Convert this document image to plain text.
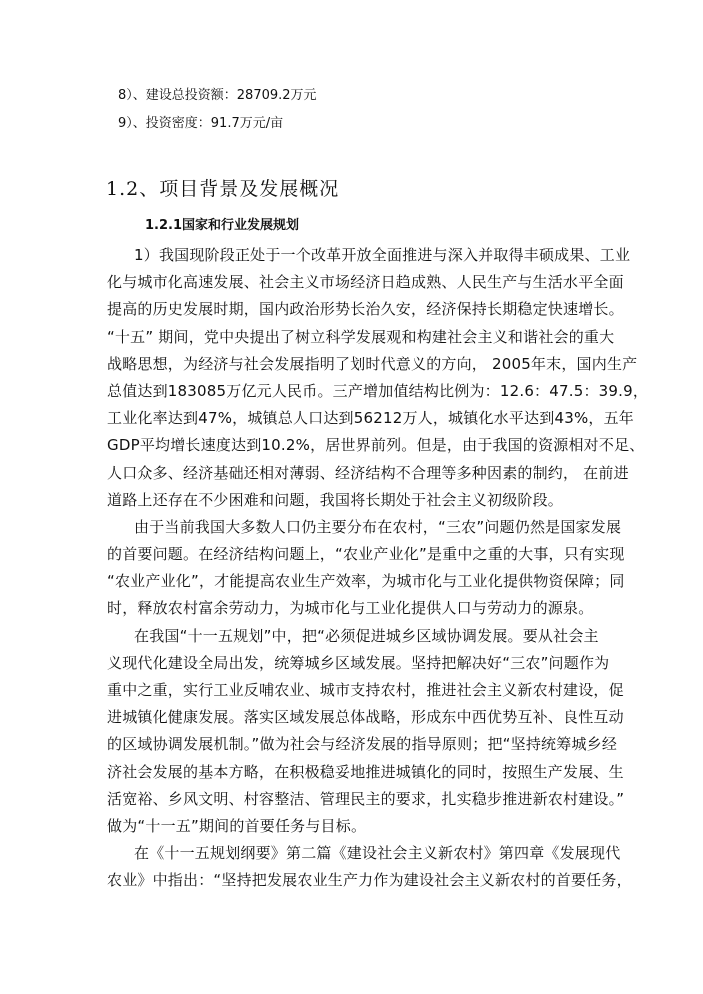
8）、建设总投资额：28709.2万元
9）、投资密度：91.7万元/亩
1.2、项目背景及发展概况
1.2.1国家和行业发展规划
1）我国现阶段正处于一个改革开放全面推进与深入并取得丰硕成果、工业
化与城市化高速发展、社会主义市场经济日趋成熟、人民生产与生活水平全面
提高的历史发展时期，国内政治形势长治久安，经济保持长期稳定快速增长。
“十五” 期间，党中央提出了树立科学发展观和构建社会主义和谐社会的重大
战略思想，为经济与社会发展指明了划时代意义的方向， 2005年末，国内生产
总值达到183085万亿元人民币。三产增加值结构比例为：12.6：47.5：39.9，
工业化率达到47%，城镇总人口达到56212万人，城镇化水平达到43%，五年
GDP平均增长速度达到10.2%，居世界前列。但是，由于我国的资源相对不足、
人口众多、经济基础还相对薄弱、经济结构不合理等多种因素的制约， 在前进
道路上还存在不少困难和问题，我国将长期处于社会主义初级阶段。
由于当前我国大多数人口仍主要分布在农村，“三农”问题仍然是国家发展
的首要问题。在经济结构问题上，“农业产业化”是重中之重的大事，只有实现
“农业产业化”，才能提高农业生产效率，为城市化与工业化提供物资保障；同
时，释放农村富余劳动力，为城市化与工业化提供人口与劳动力的源泉。
在我国“十一五规划”中，把“必须促进城乡区域协调发展。要从社会主
义现代化建设全局出发，统筹城乡区域发展。坚持把解决好“三农”问题作为
重中之重，实行工业反哺农业、城市支持农村，推进社会主义新农村建设，促
进城镇化健康发展。落实区域发展总体战略，形成东中西优势互补、良性互动
的区域协调发展机制。”做为社会与经济发展的指导原则；把“坚持统筹城乡经
济社会发展的基本方略，在积极稳妥地推进城镇化的同时，按照生产发展、生
活宽裕、乡风文明、村容整洁、管理民主的要求，扎实稳步推进新农村建设。”
做为“十一五”期间的首要任务与目标。
在《十一五规划纲要》第二篇《建设社会主义新农村》第四章《发展现代
农业》中指出：“坚持把发展农业生产力作为建设社会主义新农村的首要任务，
